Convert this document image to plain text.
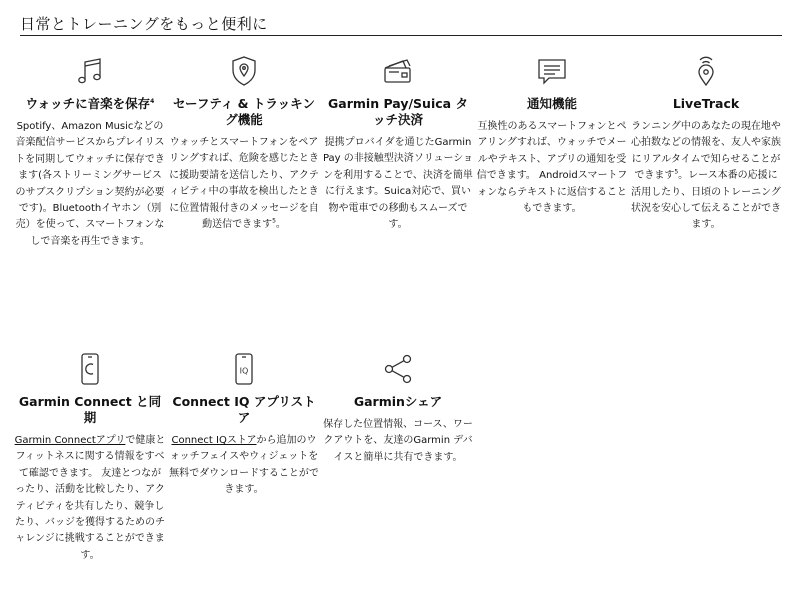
日常とトレーニングをもっと便利に
ウォッチに音楽を保存$^4$

Spotify、Amazon Musicなどの音楽配信サービスからプレイリストを同期してウォッチに保存できます(各ストリーミングサービスのサブスクリプション契約が必要です)。Bluetoothイヤホン（別売）を使って、スマートフォンなしで音楽を再生できます。

セーフティ & トラッキング機能

ウォッチとスマートフォンをペアリングすれば、危険を感じたときに援助要請を送信したり、アクティビティ中の事故を検出したときに位置情報付きのメッセージを自動送信できます$^5$。

Garmin Pay/Suica タッチ決済

提携プロバイダを通じたGarmin Pay の非接触型決済ソリューションを利用することで、決済を簡単に行えます。Suica対応で、買い物や電車での移動もスムーズです。

通知機能

互換性のあるスマートフォンとペアリングすれば、ウォッチでメールやテキスト、アプリの通知を受信できます。 Androidスマートフォンならテキストに返信することもできます。

LiveTrack

ランニング中のあなたの現在地や心拍数などの情報を、友人や家族にリアルタイムで知らせることができます$^5$。レース本番の応援に活用したり、日頃のトレーニング状況を安心して伝えることができます。

Garmin Connect と同期

Garmin Connectアプリで健康とフィットネスに関する情報をすべて確認できます。 友達とつながったり、活動を比較したり、アクティビティを共有したり、競争したり、バッジを獲得するためのチャレンジに挑戦することができます。

IQ
Connect IQ アプリストア

Connect IQストアから追加のウォッチフェイスやウィジェットを無料でダウンロードすることができます。

Garminシェア

保存した位置情報、コース、ワークアウトを、友達のGarmin デバイスと簡単に共有できます。
